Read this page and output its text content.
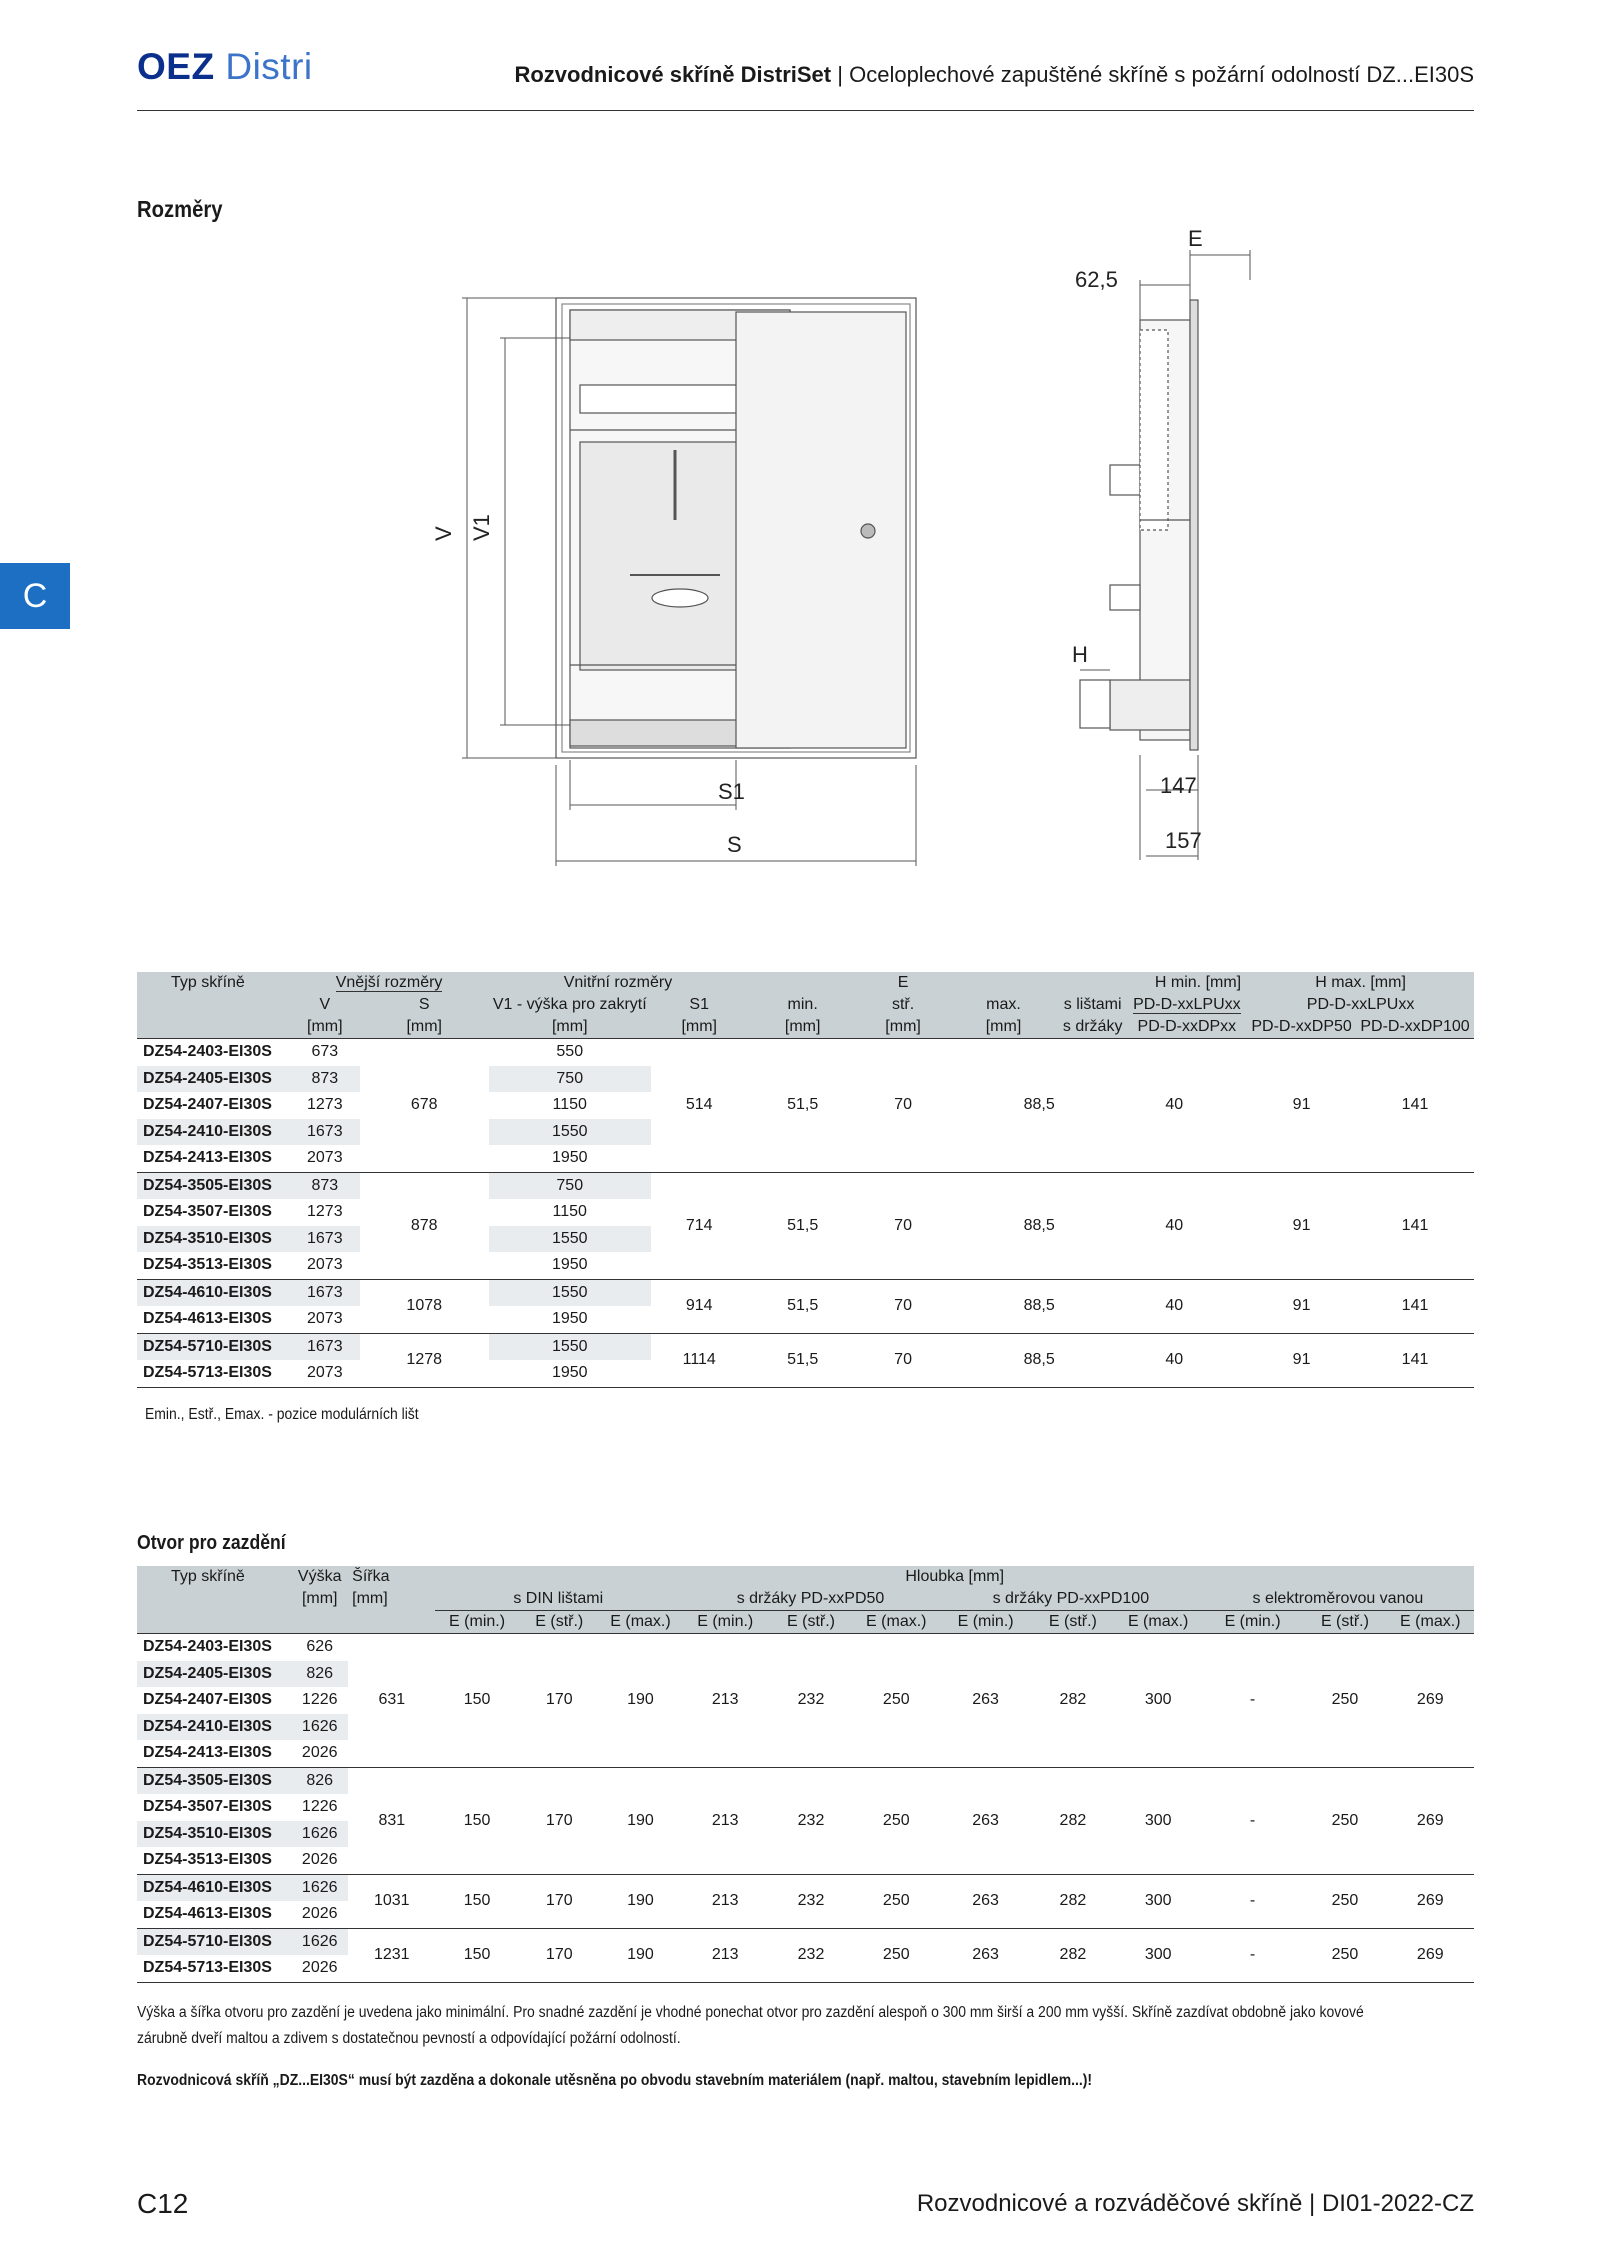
OEZ Distri	Rozvodnicové skříně DistriSet | Oceloplechové zapuštěné skříně s požární odolností DZ...EI30S
C
Rozměry
V V1
S1
S
E
62,5
H
147
157
Typ skříně	Vnější rozměry		Vnitřní rozměry		E			H min. [mm]		H max. [mm]	
	V	S	V1 - výška pro zakrytí	S1	min.	stř.	max.	s lištami	PD-D-xxLPUxx	PD-D-xxLPUxx	
	[mm]	[mm]	[mm]	[mm]	[mm]	[mm]	[mm]	s držáky	PD-D-xxDPxx	PD-D-xxDP50	PD-D-xxDP100
DZ54-2403-EI30S	673	678	550	514	51,5	70	88,5	40		91	141
DZ54-2405-EI30S	873		750								
DZ54-2407-EI30S	1273		1150								
DZ54-2410-EI30S	1673		1550								
DZ54-2413-EI30S	2073		1950								
DZ54-3505-EI30S	873	878	750	714	51,5	70	88,5	40		91	141
DZ54-3507-EI30S	1273		1150								
DZ54-3510-EI30S	1673		1550								
DZ54-3513-EI30S	2073		1950								
DZ54-4610-EI30S	1673	1078	1550	914	51,5	70	88,5	40		91	141
DZ54-4613-EI30S	2073		1950								
DZ54-5710-EI30S	1673	1278	1550	1114	51,5	70	88,5	40		91	141
DZ54-5713-EI30S	2073		1950								
Emin., Estř., Emax. - pozice modulárních lišt
Otvor pro zazdění
Typ skříně	Výška	Šířka	Hloubka [mm]											
	[mm]	[mm]	s DIN lištami			s držáky PD-xxPD50			s držáky PD-xxPD100			s elektroměrovou vanou		
			E (min.)	E (stř.)	E (max.)	E (min.)	E (stř.)	E (max.)	E (min.)	E (stř.)	E (max.)	E (min.)	E (stř.)	E (max.)
DZ54-2403-EI30S	626	631	150	170	190	213	232	250	263	282	300	-	250	269
DZ54-2405-EI30S	826													
DZ54-2407-EI30S	1226													
DZ54-2410-EI30S	1626													
DZ54-2413-EI30S	2026													
DZ54-3505-EI30S	826	831	150	170	190	213	232	250	263	282	300	-	250	269
DZ54-3507-EI30S	1226													
DZ54-3510-EI30S	1626													
DZ54-3513-EI30S	2026													
DZ54-4610-EI30S	1626	1031	150	170	190	213	232	250	263	282	300	-	250	269
DZ54-4613-EI30S	2026													
DZ54-5710-EI30S	1626	1231	150	170	190	213	232	250	263	282	300	-	250	269
DZ54-5713-EI30S	2026													
Výška a šířka otvoru pro zazdění je uvedena jako minimální. Pro snadné zazdění je vhodné ponechat otvor pro zazdění alespoň o 300 mm širší a 200 mm vyšší. Skříně zazdívat obdobně jako kovové
zárubně dveří maltou a zdivem s dostatečnou pevností a odpovídající požární odolností.
Rozvodnicová skříň „DZ...EI30S“ musí být zazděna a dokonale utěsněna po obvodu stavebním materiálem (např. maltou, stavebním lepidlem...)!
C12	Rozvodnicové a rozváděčové skříně | DI01-2022-CZ
